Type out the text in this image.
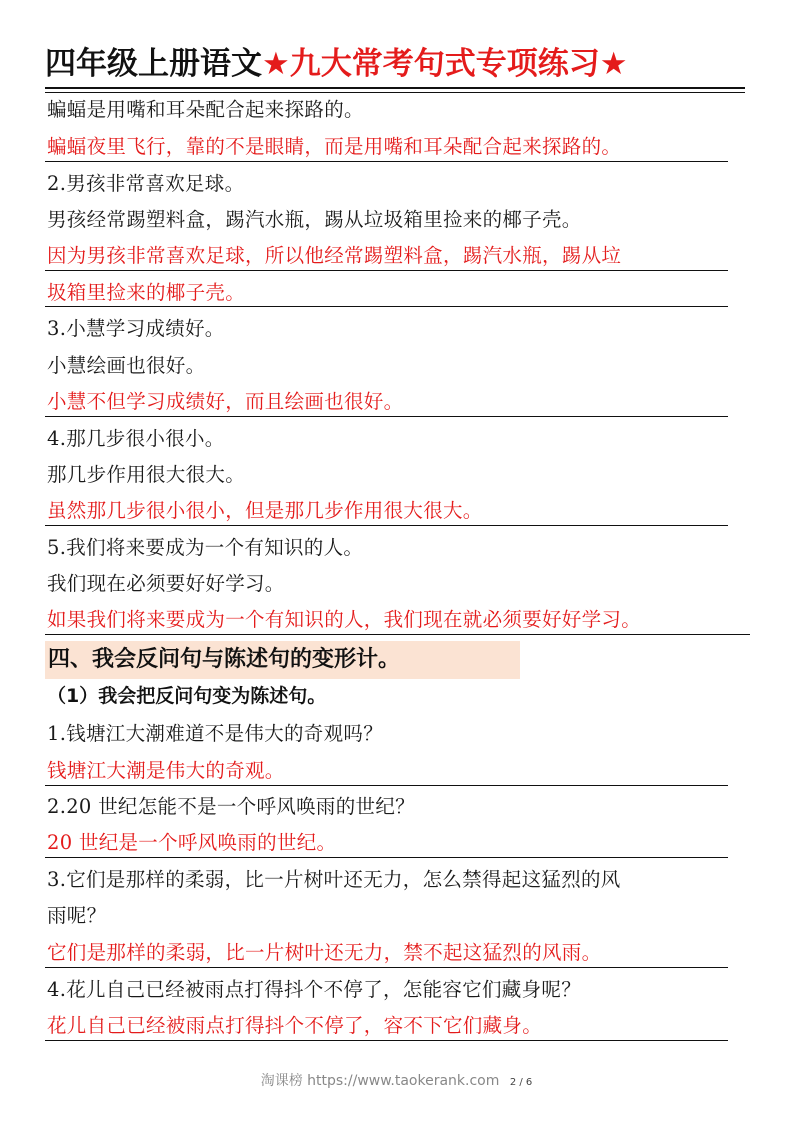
四年级上册语文★九大常考句式专项练习★
蝙蝠是用嘴和耳朵配合起来探路的。
蝙蝠夜里飞行，靠的不是眼睛，而是用嘴和耳朵配合起来探路的。
2.男孩非常喜欢足球。
男孩经常踢塑料盒，踢汽水瓶，踢从垃圾箱里捡来的椰子壳。
因为男孩非常喜欢足球，所以他经常踢塑料盒，踢汽水瓶，踢从垃
圾箱里捡来的椰子壳。
3.小慧学习成绩好。
小慧绘画也很好。
小慧不但学习成绩好，而且绘画也很好。
4.那几步很小很小。
那几步作用很大很大。
虽然那几步很小很小，但是那几步作用很大很大。
5.我们将来要成为一个有知识的人。
我们现在必须要好好学习。
如果我们将来要成为一个有知识的人，我们现在就必须要好好学习。
四、我会反问句与陈述句的变形计。
（1）我会把反问句变为陈述句。
1.钱塘江大潮难道不是伟大的奇观吗？
钱塘江大潮是伟大的奇观。
2.20 世纪怎能不是一个呼风唤雨的世纪？
20 世纪是一个呼风唤雨的世纪。
3.它们是那样的柔弱，比一片树叶还无力，怎么禁得起这猛烈的风
雨呢？
它们是那样的柔弱，比一片树叶还无力，禁不起这猛烈的风雨。
4.花儿自己已经被雨点打得抖个不停了，怎能容它们藏身呢？
花儿自己已经被雨点打得抖个不停了，容不下它们藏身。
淘课榜 https://www.taokerank.com 2 / 6
